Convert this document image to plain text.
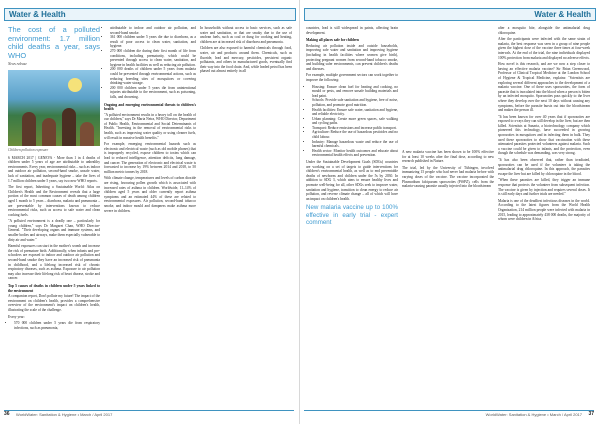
Water & Health
The cost of a polluted environment: 1.7 million child deaths a year, says WHO
News release
Children pollution exposure

6 MARCH 2017 | GENEVA - More than 1 in 4 deaths of children under 5 years of age are attributable to unhealthy environments. Every year, environmental risks – such as indoor and outdoor air pollution, second-hand smoke, unsafe water, lack of sanitation, and inadequate hygiene – take the lives of 1.7 million children under 5 years, say two new WHO reports.

The first report, Inheriting a Sustainable World: Atlas on Children's Health and the Environment reveals that a large portion of the most common causes of death among children aged 1 month to 5 years – diarrhoea, malaria and pneumonia – are preventable by interventions known to reduce environmental risks, such as access to safe water and clean cooking fuels.

"A polluted environment is a deadly one – particularly for young children," says Dr Margaret Chan, WHO Director-General. "Their developing organs and immune systems, and smaller bodies and airways, make them especially vulnerable to dirty air and water."

Harmful exposures can start in the mother's womb and increase the risk of premature birth. Additionally, when infants and pre-schoolers are exposed to indoor and outdoor air pollution and second-hand smoke they have an increased risk of pneumonia in childhood, and a lifelong increased risk of chronic respiratory diseases, such as asthma. Exposure to air pollution may also increase their lifelong risk of heart disease, stroke and cancer.

Top 5 causes of deaths in children under 5 years linked to the environment

A companion report, Don't pollute my future! The impact of the environment on children's health, provides a comprehensive overview of the environment's impact on children's health, illustrating the scale of the challenge.

Every year:

• 570 000 children under 5 years die from respiratory infections, such as pneumonia,
• attributable to indoor and outdoor air pollution, and second-hand smoke.
• 361 000 children under 5 years die due to diarrhoea, as a result of poor access to clean water, sanitation, and hygiene.
• 270 000 children die during their first month of life from conditions, including prematurity, which could be prevented through access to clean water, sanitation, and hygiene in health facilities as well as reducing air pollution.
• 200 000 deaths of children under 5 years from malaria could be prevented through environmental actions, such as reducing breeding sites of mosquitoes or covering drinking-water storage.
• 200 000 children under 5 years die from unintentional injuries attributable to the environment, such as poisoning, falls, and drowning.
Ongoing and emerging environmental threats to children's health

"A polluted environment results in a heavy toll on the health of our children," says Dr Maria Neira, WHO Director, Department of Public Health, Environmental and Social Determinants of Health. "Investing in the removal of environmental risks to health, such as improving water quality or using cleaner fuels, will result in massive health benefits."

For example, emerging environmental hazards such as electronic and electrical waste (such as old mobile phones) that is improperly recycled, expose children to toxins which can lead to reduced intelligence, attention deficits, lung damage, and cancer. The generation of electronic and electrical waste is forecasted to increase by 19% between 2014 and 2018, to 50 million metric tonnes by 2018.

With climate change, temperatures and levels of carbon dioxide are rising, favouring pollen growth which is associated with increased rates of asthma in children. Worldwide, 11–14% of children aged 5 years and older currently report asthma symptoms and an estimated 44% of these are related to environmental exposures. Air pollution, second-hand tobacco smoke, and indoor mould and dampness make asthma more severe in children.

In households without access to basic services, such as safe water and sanitation, or that are smoky due to the use of unclean fuels, such as coal or dung for cooking and heating, children are at increased risk of diarrhoea and pneumonia.

Children are also exposed to harmful chemicals through food, water, air and products around them. Chemicals, such as fluoride, lead and mercury, pesticides, persistent organic pollutants, and others in manufactured goods, eventually find their way into the food chain. And, while leaded petrol has been phased out almost entirely in all

36 WorldWater: Sanitation & Hygiene • March / April 2017
Water & Health

countries, lead is still widespread in paints, affecting brain development.

Making all places safe for children

Reducing air pollution inside and outside households, improving safe water and sanitation and improving hygiene (including in health facilities where women give birth), protecting pregnant women from second-hand tobacco smoke, and building safer environments, can prevent children's deaths and diseases.

For example, multiple government sectors can work together to improve the following:

• Housing: Ensure clean fuel for heating and cooking, no mould or pests, and remove unsafe building materials and lead paint.
• Schools: Provide safe sanitation and hygiene, free of noise, pollution, and promote good nutrition.
• Health facilities: Ensure safe water, sanitation and hygiene, and reliable electricity.
• Urban planning: Create more green spaces, safe walking and cycling paths.
• Transport: Reduce emissions and increase public transport.
• Agriculture: Reduce the use of hazardous pesticides and no child labour.
• Industry: Manage hazardous waste and reduce the use of harmful chemicals.
• Health sector: Monitor health outcomes and educate about environmental health effects and prevention.

Under the Sustainable Development Goals (SDGs) countries are working on a set of targets to guide interventions for children's environmental health, as well as to end preventable deaths of newborns and children under the 5s by 2030. In addition to SDG 3, which aims to ensure healthy lives and promote well-being for all, other SDGs seek to improve water, sanitation and hygiene, transition to clean energy to reduce air pollution, and reverse climate change – all of which will have an impact on children's health.

New malaria vaccine up to 100% effective in early trial - expert comment

A new malaria vaccine has been shown to be 100% effective for at least 10 weeks after the final dose, according to new research published in Nature.

The trial, led by the University of Tübingen, involved immunizing 15 people who had never had malaria before with varying doses of the vaccine. The vaccine incorporated the Plasmodium falciparum sporozoites (PfSPZ), cells from the malaria-causing parasite usually injected into the bloodstream

after a mosquito bite, alongside the antimalarial drug chloroquine.

After the participants were infected with the same strain of malaria, the best response was seen in a group of nine people given the highest dose of the vaccine three times at four-week intervals. At the end of the trial, the nine individuals displayed 100% protection from malaria and displayed no adverse effects.

How novel is this research, and are we now a step closer to having an effective malaria vaccine? Sir Brian Greenwood, Professor of Clinical Tropical Medicine at the London School of Hygiene & Tropical Medicine, explains: "Scientists are exploring several different approaches to the development of a malaria vaccine. One of these uses sporozoites, the form of parasite that is inoculated into the blood when a person is bitten by an infected mosquito. Sporozoites pass quickly to the liver where they develop over the next 10 days without causing any symptoms, before the parasite bursts out into the bloodstream and makes the person ill.

"It has been known for over 40 years that if sporozoites are exposed to x-rays they can still develop in the liver, but are then killed. Scientists at Sanaria, a biotechnology company which pioneered this technology, have succeeded in growing sporozoites in mosquitoes and in infecting them in bulk. They used these sporozoites to show that vaccination with these attenuated parasites protected volunteers against malaria. Such a vaccine could be given to infants, and the protection, even though the schedule was demanding, was very strong.

"It has also been observed that, rather than irradiated, sporozoites can be used if the volunteer is taking the antimalarial drug chloroquine. In this approach, the parasites escape the liver but are killed by chloroquine in the blood.

"When these parasites are killed, they trigger an immune response that protects the volunteer from subsequent infection. The vaccine is given by injection and requires several doses. It is still early days and further trials are needed."

Malaria is one of the deadliest infectious diseases in the world. According to the latest figures from the World Health Organization, 214 million people were infected with malaria in 2015, leading to approximately 438 000 deaths, the majority of whom were children in Africa.

WorldWater: Sanitation & Hygiene • March / April 2017 37
